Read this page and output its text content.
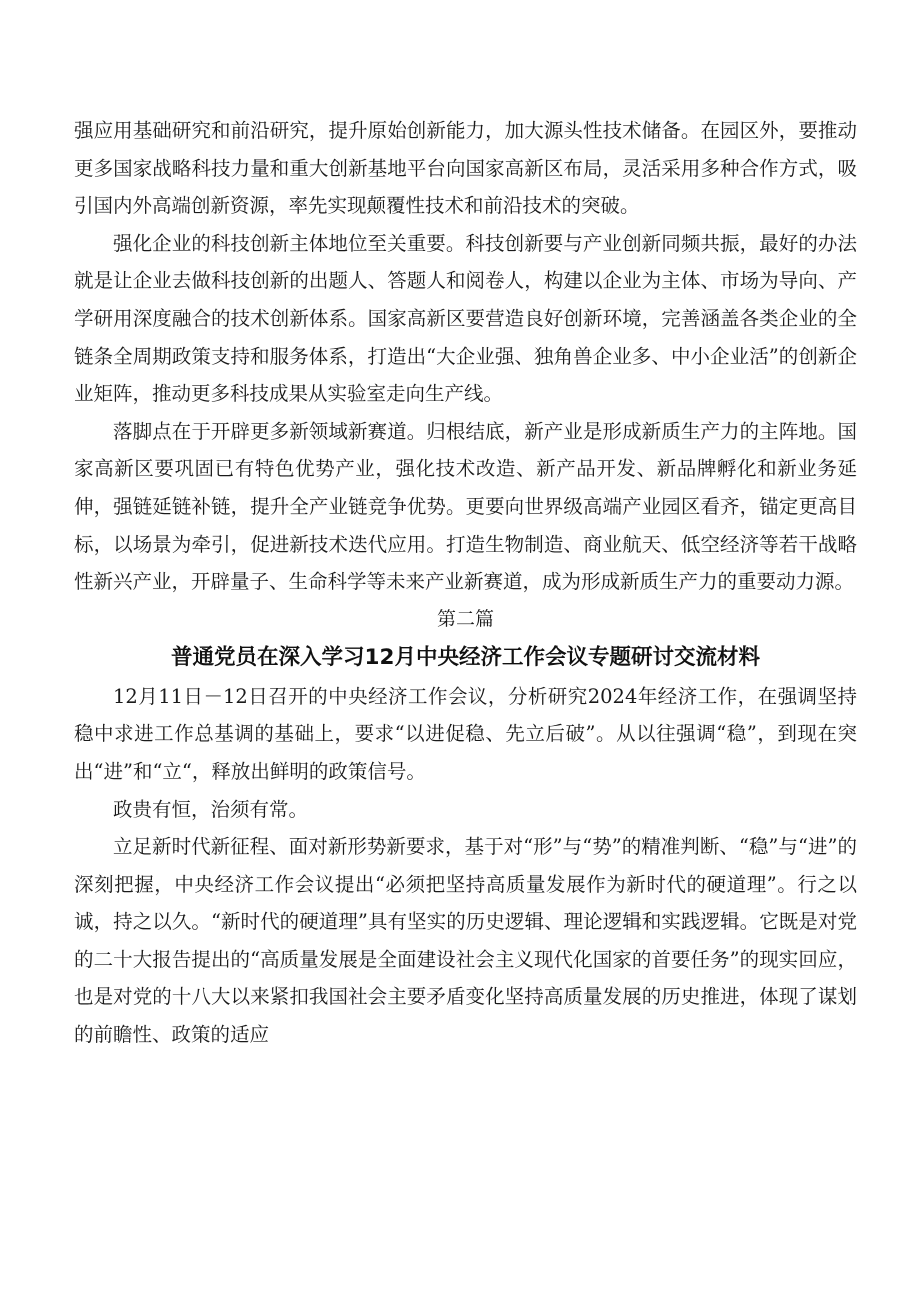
强应用基础研究和前沿研究，提升原始创新能力，加大源头性技术储备。在园区外，要推动更多国家战略科技力量和重大创新基地平台向国家高新区布局，灵活采用多种合作方式，吸引国内外高端创新资源，率先实现颠覆性技术和前沿技术的突破。

强化企业的科技创新主体地位至关重要。科技创新要与产业创新同频共振，最好的办法就是让企业去做科技创新的出题人、答题人和阅卷人，构建以企业为主体、市场为导向、产学研用深度融合的技术创新体系。国家高新区要营造良好创新环境，完善涵盖各类企业的全链条全周期政策支持和服务体系，打造出“大企业强、独角兽企业多、中小企业活”的创新企业矩阵，推动更多科技成果从实验室走向生产线。

落脚点在于开辟更多新领域新赛道。归根结底，新产业是形成新质生产力的主阵地。国家高新区要巩固已有特色优势产业，强化技术改造、新产品开发、新品牌孵化和新业务延伸，强链延链补链，提升全产业链竞争优势。更要向世界级高端产业园区看齐，锚定更高目标，以场景为牵引，促进新技术迭代应用。打造生物制造、商业航天、低空经济等若干战略性新兴产业，开辟量子、生命科学等未来产业新赛道，成为形成新质生产力的重要动力源。

第二篇

普通党员在深入学习12月中央经济工作会议专题研讨交流材料

12月11日－12日召开的中央经济工作会议，分析研究2024年经济工作，在强调坚持稳中求进工作总基调的基础上，要求“以进促稳、先立后破”。从以往强调“稳”，到现在突出“进”和“立“，释放出鲜明的政策信号。

政贵有恒，治须有常。

立足新时代新征程、面对新形势新要求，基于对“形”与“势”的精准判断、“稳”与“进”的深刻把握，中央经济工作会议提出“必须把坚持高质量发展作为新时代的硬道理”。行之以诚，持之以久。“新时代的硬道理”具有坚实的历史逻辑、理论逻辑和实践逻辑。它既是对党的二十大报告提出的“高质量发展是全面建设社会主义现代化国家的首要任务”的现实回应，也是对党的十八大以来紧扣我国社会主要矛盾变化坚持高质量发展的历史推进，体现了谋划的前瞻性、政策的适应
